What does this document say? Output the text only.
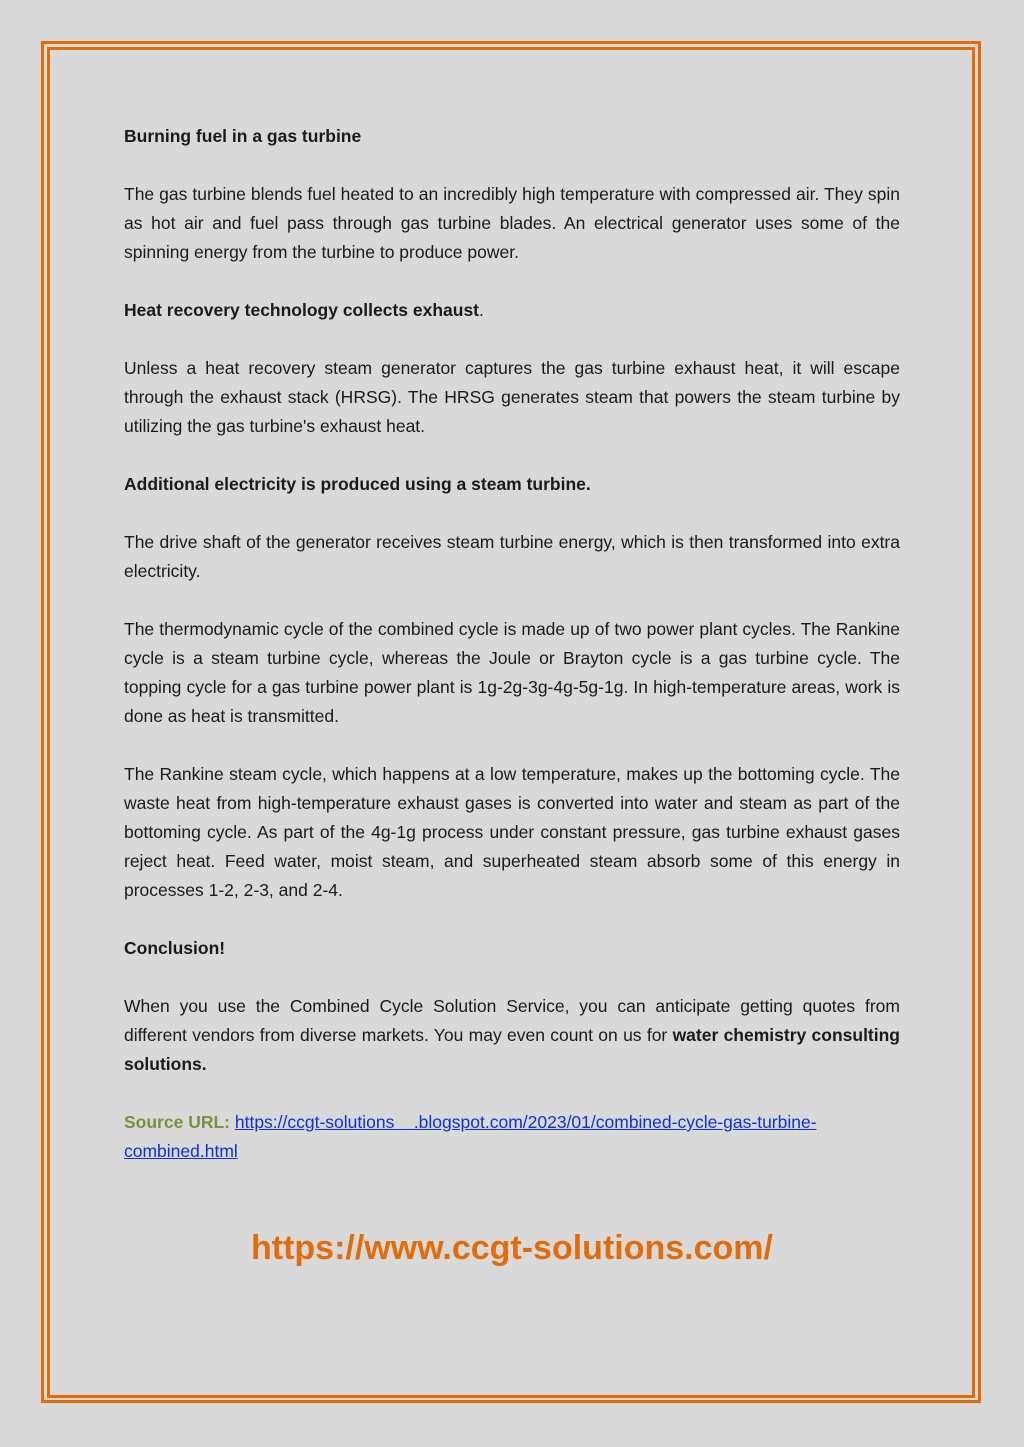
Burning fuel in a gas turbine

The gas turbine blends fuel heated to an incredibly high temperature with compressed air. They spin as hot air and fuel pass through gas turbine blades. An electrical generator uses some of the spinning energy from the turbine to produce power.

Heat recovery technology collects exhaust.

Unless a heat recovery steam generator captures the gas turbine exhaust heat, it will escape through the exhaust stack (HRSG). The HRSG generates steam that powers the steam turbine by utilizing the gas turbine's exhaust heat.

Additional electricity is produced using a steam turbine.

The drive shaft of the generator receives steam turbine energy, which is then transformed into extra electricity.

The thermodynamic cycle of the combined cycle is made up of two power plant cycles. The Rankine cycle is a steam turbine cycle, whereas the Joule or Brayton cycle is a gas turbine cycle. The topping cycle for a gas turbine power plant is 1g-2g-3g-4g-5g-1g. In high-temperature areas, work is done as heat is transmitted.

The Rankine steam cycle, which happens at a low temperature, makes up the bottoming cycle. The waste heat from high-temperature exhaust gases is converted into water and steam as part of the bottoming cycle. As part of the 4g-1g process under constant pressure, gas turbine exhaust gases reject heat. Feed water, moist steam, and superheated steam absorb some of this energy in processes 1-2, 2-3, and 2-4.

Conclusion!

When you use the Combined Cycle Solution Service, you can anticipate getting quotes from different vendors from diverse markets. You may even count on us for water chemistry consulting solutions.

Source URL: https://ccgt-solutions    .blogspot.com/2023/01/combined-cycle-gas-turbine-combined.html

https://www.ccgt-solutions.com/
